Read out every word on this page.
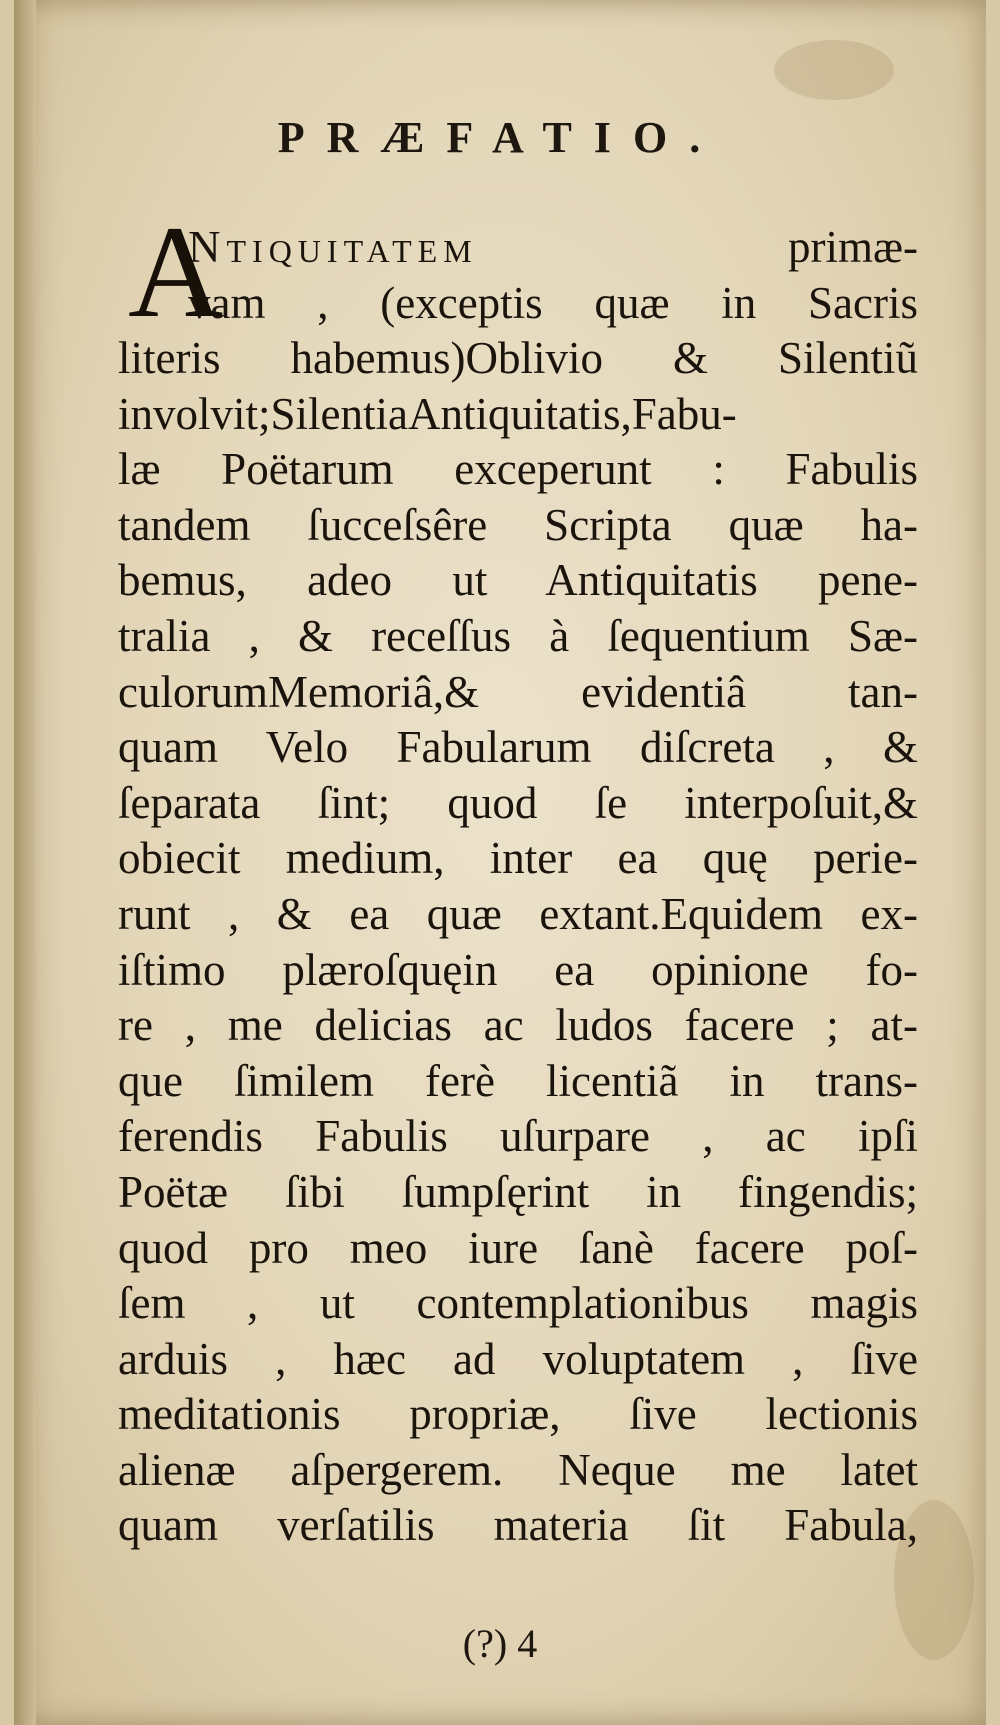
PRÆFATIO.
A
Ntiquitatem	primæ-
vam , (exceptis quæ in Sacris
literis habemus)Oblivio & Silentiũ
involvit;SilentiaAntiquitatis,Fabu-
læ Poëtarum exceperunt : Fabulis
tandem ſucceſsêre Scripta quæ ha-
bemus, adeo ut Antiquitatis pene-
tralia , & receſſus à ſequentium Sæ-
culorumMemoriâ,& evidentiâ tan-
quam Velo Fabularum diſcreta , &
ſeparata ſint; quod ſe interpoſuit,&
obiecit medium, inter ea quę perie-
runt , & ea quæ extant.Equidem ex-
iſtimo plæroſquęin ea opinione fo-
re , me delicias ac ludos facere ; at-
que ſimilem ferè licentiã in trans-
ferendis Fabulis uſurpare , ac ipſi
Poëtæ ſibi ſumpſęrint in fingendis;
quod pro meo iure ſanè facere poſ-
ſem , ut contemplationibus magis
arduis , hæc ad voluptatem , ſive
meditationis propriæ, ſive lectionis
alienæ aſpergerem. Neque me latet
quam verſatilis materia ſit Fabula,
(?) 4
